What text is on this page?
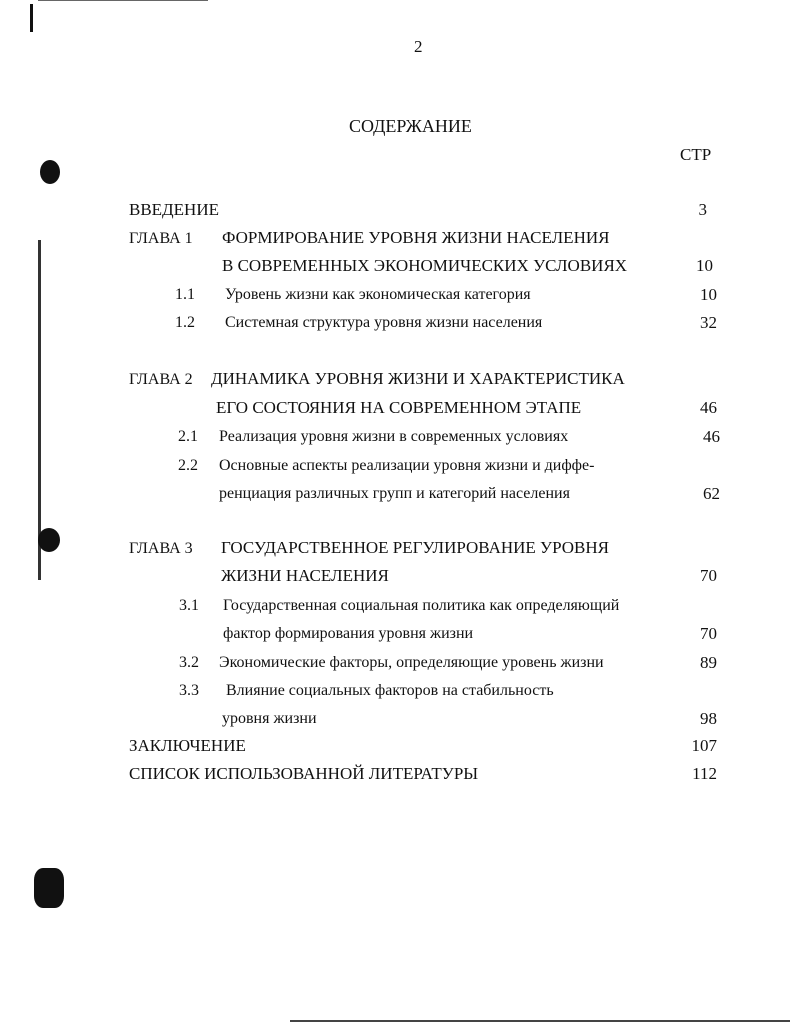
2
СОДЕРЖАНИЕ
СТР
ВВЕДЕНИЕ	3
ГЛАВА 1 ФОРМИРОВАНИЕ УРОВНЯ ЖИЗНИ НАСЕЛЕНИЯ
В СОВРЕМЕННЫХ ЭКОНОМИЧЕСКИХ УСЛОВИЯХ	10
1.1 Уровень жизни как экономическая категория	10
1.2 Системная структура уровня жизни населения	32
ГЛАВА 2 ДИНАМИКА УРОВНЯ ЖИЗНИ И ХАРАКТЕРИСТИКА
ЕГО СОСТОЯНИЯ НА СОВРЕМЕННОМ ЭТАПЕ	46
2.1 Реализация уровня жизни в современных условиях	46
2.2 Основные аспекты реализации уровня жизни и диффе-
ренциация различных групп и категорий населения	62
ГЛАВА 3 ГОСУДАРСТВЕННОЕ РЕГУЛИРОВАНИЕ УРОВНЯ
ЖИЗНИ НАСЕЛЕНИЯ	70
3.1 Государственная социальная политика как определяющий
фактор формирования уровня жизни	70
3.2 Экономические факторы, определяющие уровень жизни	89
3.3 Влияние социальных факторов на стабильность
уровня жизни	98
ЗАКЛЮЧЕНИЕ	107
СПИСОК ИСПОЛЬЗОВАННОЙ ЛИТЕРАТУРЫ	112
